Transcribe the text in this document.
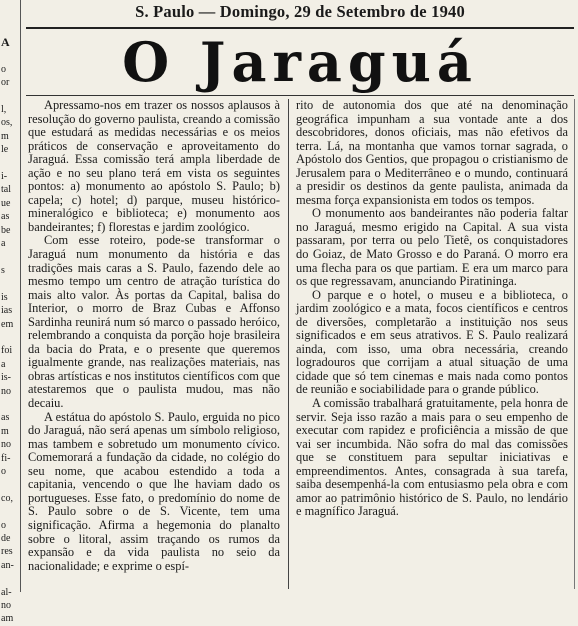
A

o
or

l,
os,
m
le

i-
tal
ue
as
be
a

s

is
ias
em

foi
a
is-
no

as
m
no
fi-
o

co,

o
de
res
an-

al-
no
am
S. Paulo — Domingo, 29 de Setembro de 1940
O Jaraguá

Apressamo-nos em trazer os nossos aplausos à resolução do governo paulista, creando a comissão que estudará as medidas necessárias e os meios práticos de conservação e aproveitamento do Jaraguá. Essa comissão terá ampla liberdade de ação e no seu plano terá em vista os seguintes pontos: a) monumento ao apóstolo S. Paulo; b) capela; c) hotel; d) parque, museu histórico-mineralógico e biblioteca; e) monumento aos bandeirantes; f) florestas e jardim zoológico.

Com esse roteiro, pode-se transformar o Jaraguá num monumento da história e das tradições mais caras a S. Paulo, fazendo dele ao mesmo tempo um centro de atração turística do mais alto valor. Às portas da Capital, balisa do Interior, o morro de Braz Cubas e Affonso Sardinha reunirá num só marco o passado heróico, relembrando a conquista da porção hoje brasileira da bacia do Prata, e o presente que queremos igualmente grande, nas realizações materiais, nas obras artísticas e nos institutos científicos com que atestaremos que o paulista mudou, mas não decaiu.

A estátua do apóstolo S. Paulo, erguida no pico do Jaraguá, não será apenas um símbolo religioso, mas tambem e sobretudo um monumento cívico. Comemorará a fundação da cidade, no colégio do seu nome, que acabou estendido a toda a capitania, vencendo o que lhe haviam dado os portugueses. Esse fato, o predomínio do nome de S. Paulo sobre o de S. Vicente, tem uma significação. Afirma a hegemonia do planalto sobre o litoral, assim traçando os rumos da expansão e da vida paulista no seio da nacionalidade; e exprime o espí-

rito de autonomia dos que até na denominação geográfica impunham a sua vontade ante a dos descobridores, donos oficiais, mas não efetivos da terra. Lá, na montanha que vamos tornar sagrada, o Apóstolo dos Gentios, que propagou o cristianismo de Jerusalem para o Mediterrâneo e o mundo, continuará a presidir os destinos da gente paulista, animada da mesma força expansionista em todos os tempos.

O monumento aos bandeirantes não poderia faltar no Jaraguá, mesmo erigido na Capital. A sua vista passaram, por terra ou pelo Tietê, os conquistadores do Goiaz, de Mato Grosso e do Paraná. O morro era uma flecha para os que partiam. E era um marco para os que regressavam, anunciando Piratininga.

O parque e o hotel, o museu e a biblioteca, o jardim zoológico e a mata, focos científicos e centros de diversões, completarão a instituição nos seus significados e em seus atrativos. E S. Paulo realizará ainda, com isso, uma obra necessária, creando logradouros que corrijam a atual situação de uma cidade que só tem cinemas e mais nada como pontos de reunião e sociabilidade para o grande público.

A comissão trabalhará gratuitamente, pela honra de servir. Seja isso razão a mais para o seu empenho de executar com rapidez e proficiência a missão de que vai ser incumbida. Não sofra do mal das comissões que se constituem para sepultar iniciativas e empreendimentos. Antes, consagrada à sua tarefa, saiba desempenhá-la com entusiasmo pela obra e com amor ao patrimônio histórico de S. Paulo, no lendário e magnífico Jaraguá.
